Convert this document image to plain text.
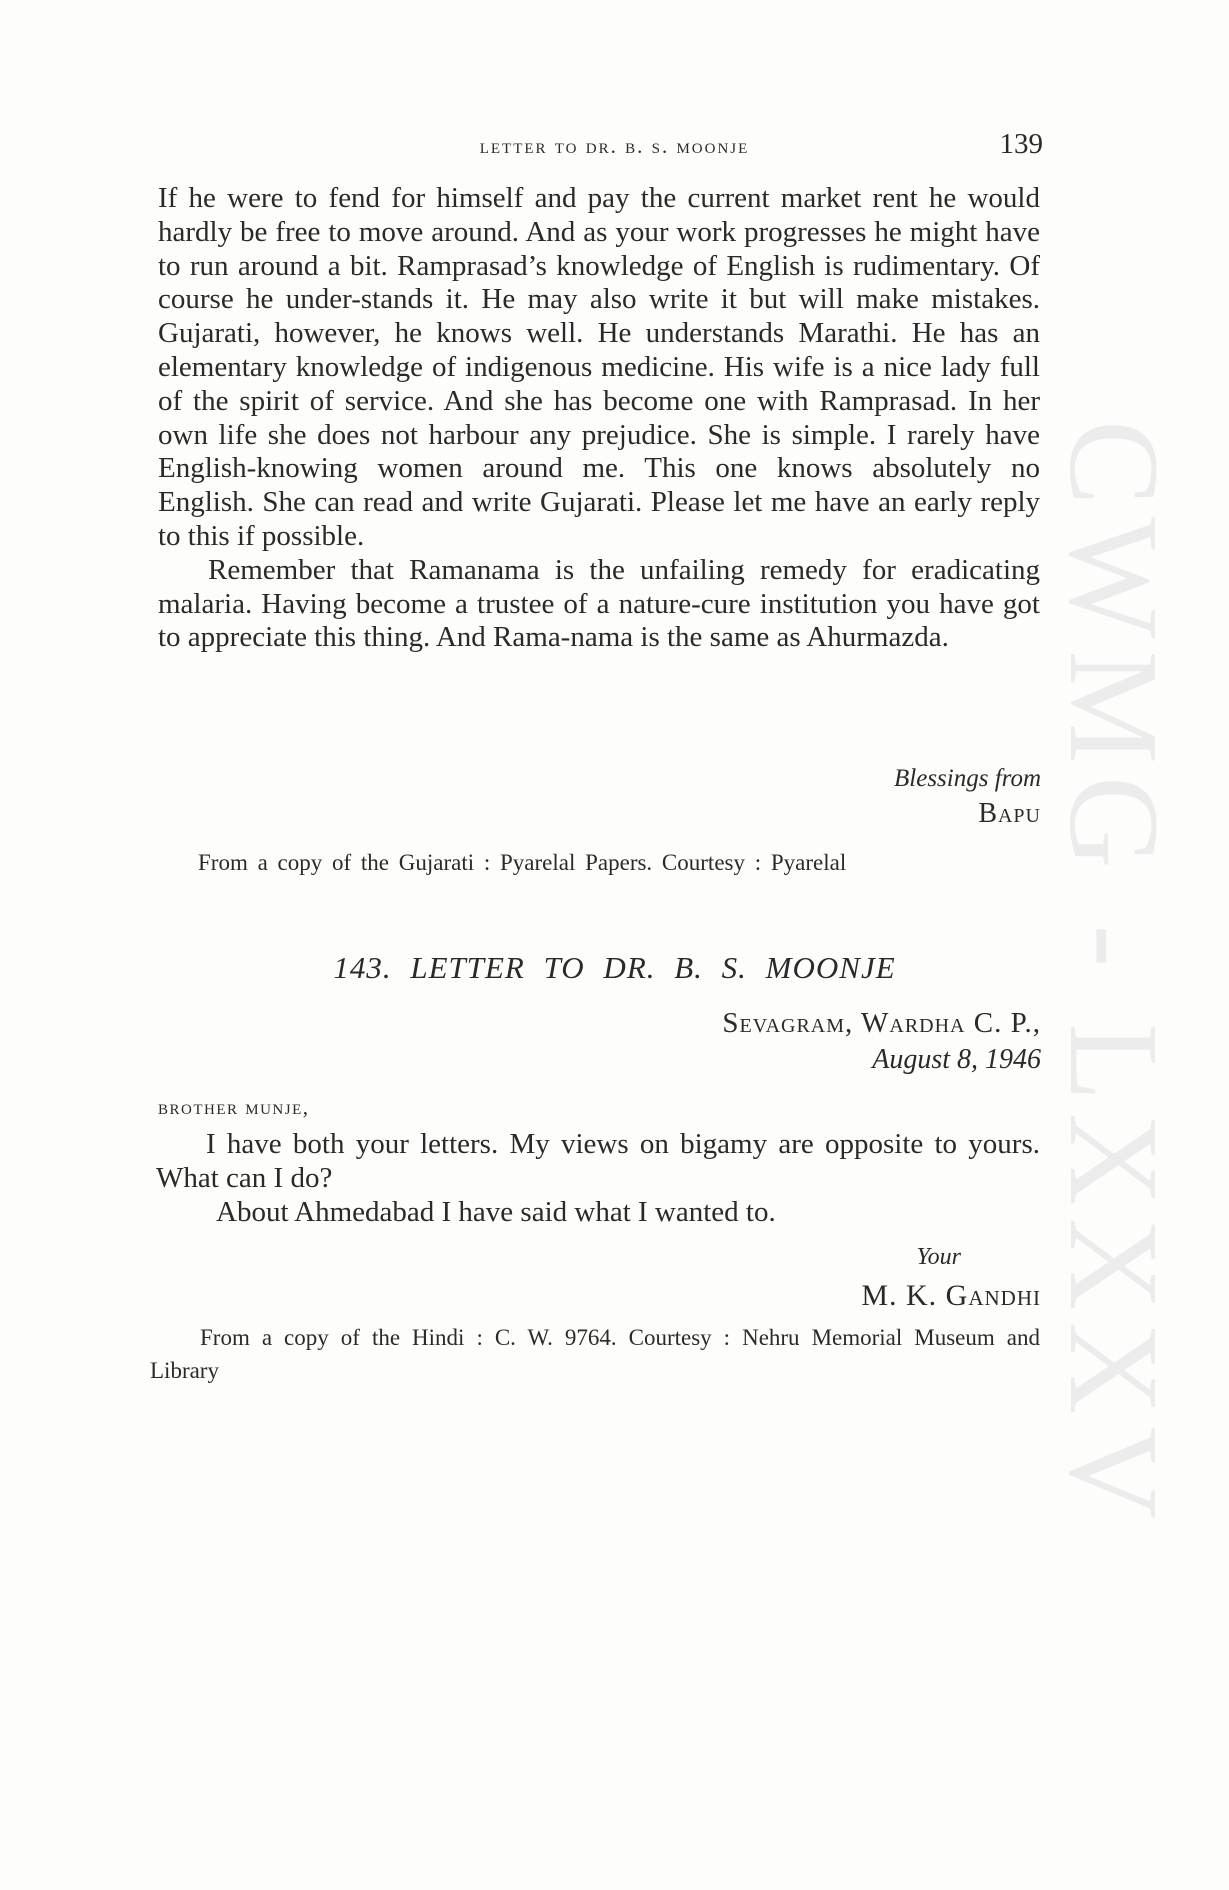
CWMG - LXXXV
letter to dr. b. s. moonje	139

If he were to fend for himself and pay the current market rent he would hardly be free to move around. And as your work progresses he might have to run around a bit. Ramprasad’s knowledge of English is rudimentary. Of course he under-stands it. He may also write it but will make mistakes. Gujarati, however, he knows well. He understands Marathi. He has an elementary knowledge of indigenous medicine. His wife is a nice lady full of the spirit of service. And she has become one with Ramprasad. In her own life she does not harbour any prejudice. She is simple. I rarely have English-knowing women around me. This one knows absolutely no English. She can read and write Gujarati. Please let me have an early reply to this if possible.

Remember that Ramanama is the unfailing remedy for eradicating malaria. Having become a trustee of a nature-cure institution you have got to appreciate this thing. And Rama-nama is the same as Ahurmazda.

Blessings from
Bapu
From a copy of the Gujarati : Pyarelal Papers. Courtesy : Pyarelal
143. LETTER TO DR. B. S. MOONJE
Sevagram, Wardha C. P.,
August 8, 1946
brother munje,

I have both your letters. My views on bigamy are opposite to yours. What can I do?

About Ahmedabad I have said what I wanted to.

Your
M. K. Gandhi
From a copy of the Hindi : C. W. 9764. Courtesy : Nehru Memorial Museum and Library
